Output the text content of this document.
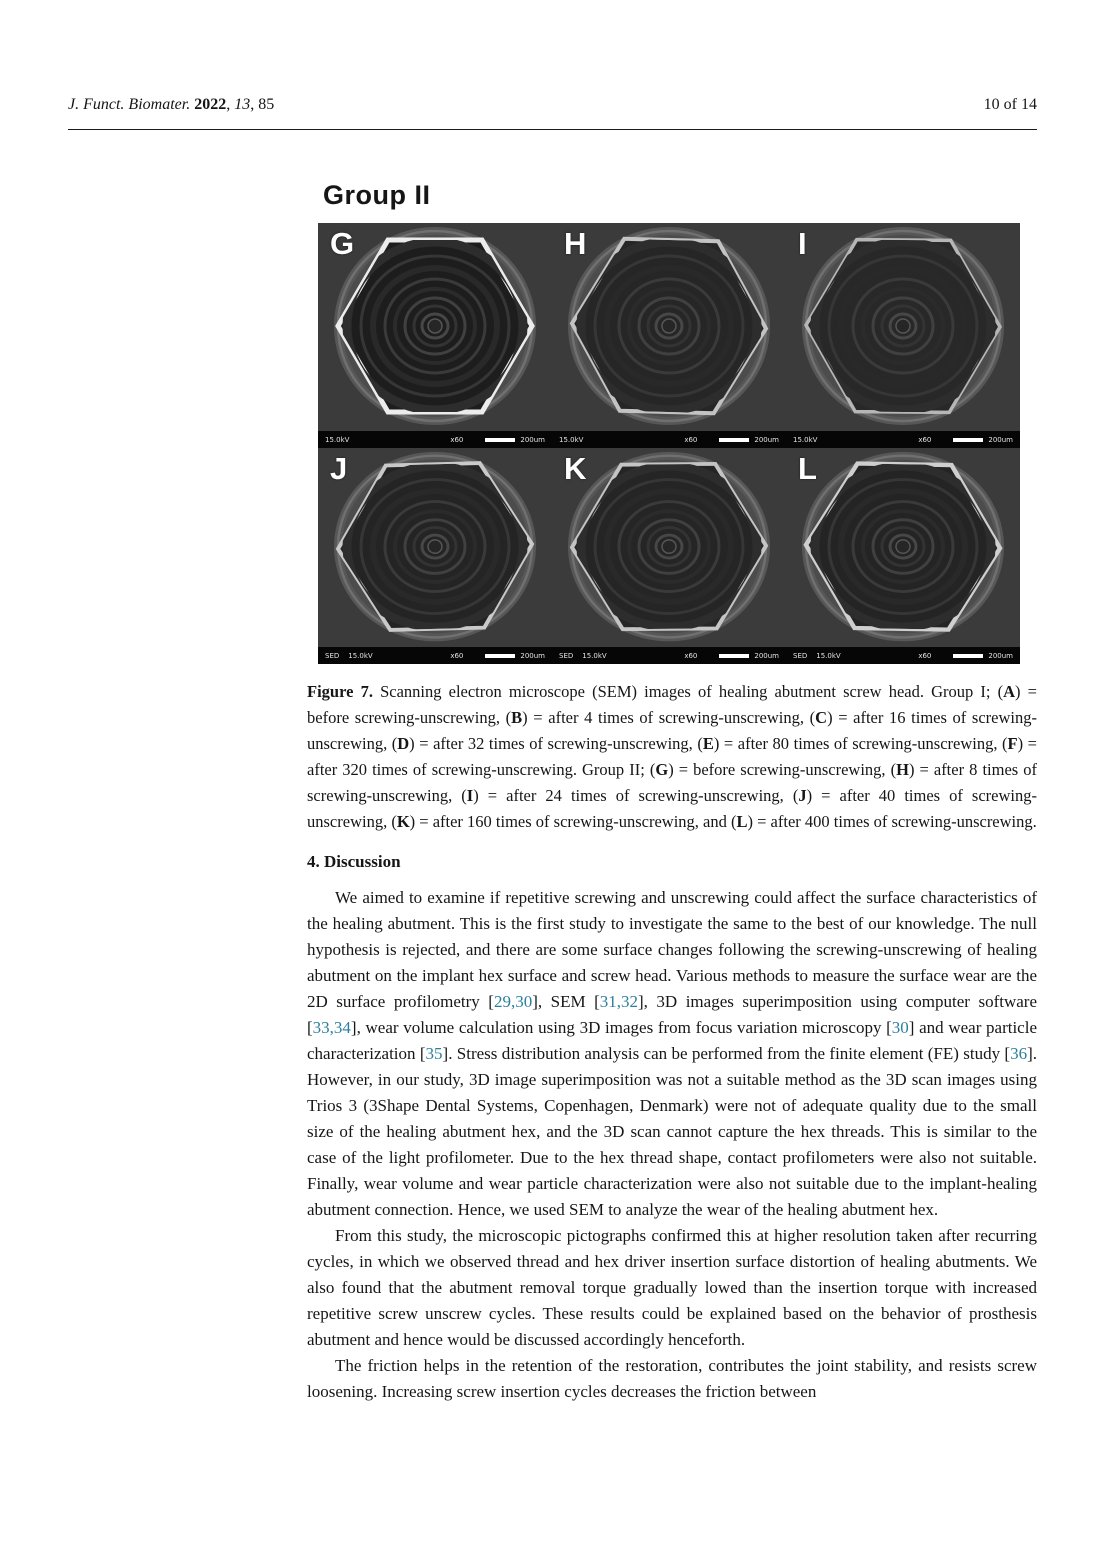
J. Funct. Biomater. 2022, 13, 85	10 of 14
Group II
G
15.0kV	x60	200um
H
15.0kV	x60	200um
I
15.0kV	x60	200um
J
SED 15.0kV	x60	200um
K
SED 15.0kV	x60	200um
L
SED 15.0kV	x60	200um

Figure 7. Scanning electron microscope (SEM) images of healing abutment screw head. Group I; (A) = before screwing-unscrewing, (B) = after 4 times of screwing-unscrewing, (C) = after 16 times of screwing-unscrewing, (D) = after 32 times of screwing-unscrewing, (E) = after 80 times of screwing-unscrewing, (F) = after 320 times of screwing-unscrewing. Group II; (G) = before screwing-unscrewing, (H) = after 8 times of screwing-unscrewing, (I) = after 24 times of screwing-unscrewing, (J) = after 40 times of screwing-unscrewing, (K) = after 160 times of screwing-unscrewing, and (L) = after 400 times of screwing-unscrewing.

4. Discussion

We aimed to examine if repetitive screwing and unscrewing could affect the surface characteristics of the healing abutment. This is the first study to investigate the same to the best of our knowledge. The null hypothesis is rejected, and there are some surface changes following the screwing-unscrewing of healing abutment on the implant hex surface and screw head. Various methods to measure the surface wear are the 2D surface profilometry [29,30], SEM [31,32], 3D images superimposition using computer software [33,34], wear volume calculation using 3D images from focus variation microscopy [30] and wear particle characterization [35]. Stress distribution analysis can be performed from the finite element (FE) study [36]. However, in our study, 3D image superimposition was not a suitable method as the 3D scan images using Trios 3 (3Shape Dental Systems, Copenhagen, Denmark) were not of adequate quality due to the small size of the healing abutment hex, and the 3D scan cannot capture the hex threads. This is similar to the case of the light profilometer. Due to the hex thread shape, contact profilometers were also not suitable. Finally, wear volume and wear particle characterization were also not suitable due to the implant-healing abutment connection. Hence, we used SEM to analyze the wear of the healing abutment hex.

From this study, the microscopic pictographs confirmed this at higher resolution taken after recurring cycles, in which we observed thread and hex driver insertion surface distortion of healing abutments. We also found that the abutment removal torque gradually lowed than the insertion torque with increased repetitive screw unscrew cycles. These results could be explained based on the behavior of prosthesis abutment and hence would be discussed accordingly henceforth.

The friction helps in the retention of the restoration, contributes the joint stability, and resists screw loosening. Increasing screw insertion cycles decreases the friction between
